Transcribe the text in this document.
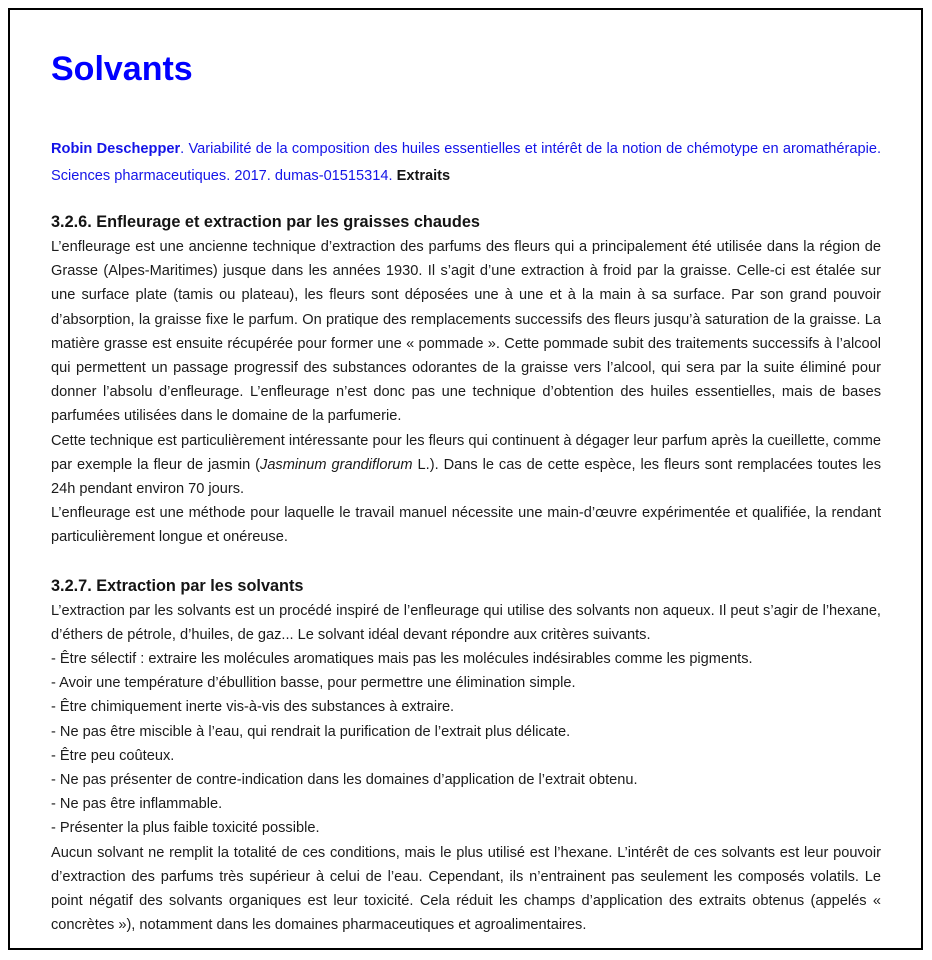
Solvants
Robin Deschepper. Variabilité de la composition des huiles essentielles et intérêt de la notion de chémotype en aromathérapie. Sciences pharmaceutiques. 2017. dumas-01515314. Extraits
3.2.6. Enfleurage et extraction par les graisses chaudes

L’enfleurage est une ancienne technique d’extraction des parfums des fleurs qui a principalement été utilisée dans la région de Grasse (Alpes-Maritimes) jusque dans les années 1930. Il s’agit d’une extraction à froid par la graisse. Celle-ci est étalée sur une surface plate (tamis ou plateau), les fleurs sont déposées une à une et à la main à sa surface. Par son grand pouvoir d’absorption, la graisse fixe le parfum. On pratique des remplacements successifs des fleurs jusqu’à saturation de la graisse. La matière grasse est ensuite récupérée pour former une « pommade ». Cette pommade subit des traitements successifs à l’alcool qui permettent un passage progressif des substances odorantes de la graisse vers l’alcool, qui sera par la suite éliminé pour donner l’absolu d’enfleurage. L’enfleurage n’est donc pas une technique d’obtention des huiles essentielles, mais de bases parfumées utilisées dans le domaine de la parfumerie.

Cette technique est particulièrement intéressante pour les fleurs qui continuent à dégager leur parfum après la cueillette, comme par exemple la fleur de jasmin (Jasminum grandiflorum L.). Dans le cas de cette espèce, les fleurs sont remplacées toutes les 24h pendant environ 70 jours.

L’enfleurage est une méthode pour laquelle le travail manuel nécessite une main-d’œuvre expérimentée et qualifiée, la rendant particulièrement longue et onéreuse.

3.2.7. Extraction par les solvants

L’extraction par les solvants est un procédé inspiré de l’enfleurage qui utilise des solvants non aqueux. Il peut s’agir de l’hexane, d’éthers de pétrole, d’huiles, de gaz... Le solvant idéal devant répondre aux critères suivants.

- Être sélectif : extraire les molécules aromatiques mais pas les molécules indésirables comme les pigments.
- Avoir une température d’ébullition basse, pour permettre une élimination simple.
- Être chimiquement inerte vis-à-vis des substances à extraire.
- Ne pas être miscible à l’eau, qui rendrait la purification de l’extrait plus délicate.
- Être peu coûteux.
- Ne pas présenter de contre-indication dans les domaines d’application de l’extrait obtenu.
- Ne pas être inflammable.
- Présenter la plus faible toxicité possible.

Aucun solvant ne remplit la totalité de ces conditions, mais le plus utilisé est l’hexane. L’intérêt de ces solvants est leur pouvoir d’extraction des parfums très supérieur à celui de l’eau. Cependant, ils n’entrainent pas seulement les composés volatils. Le point négatif des solvants organiques est leur toxicité. Cela réduit les champs d’application des extraits obtenus (appelés « concrètes »), notamment dans les domaines pharmaceutiques et agroalimentaires.
